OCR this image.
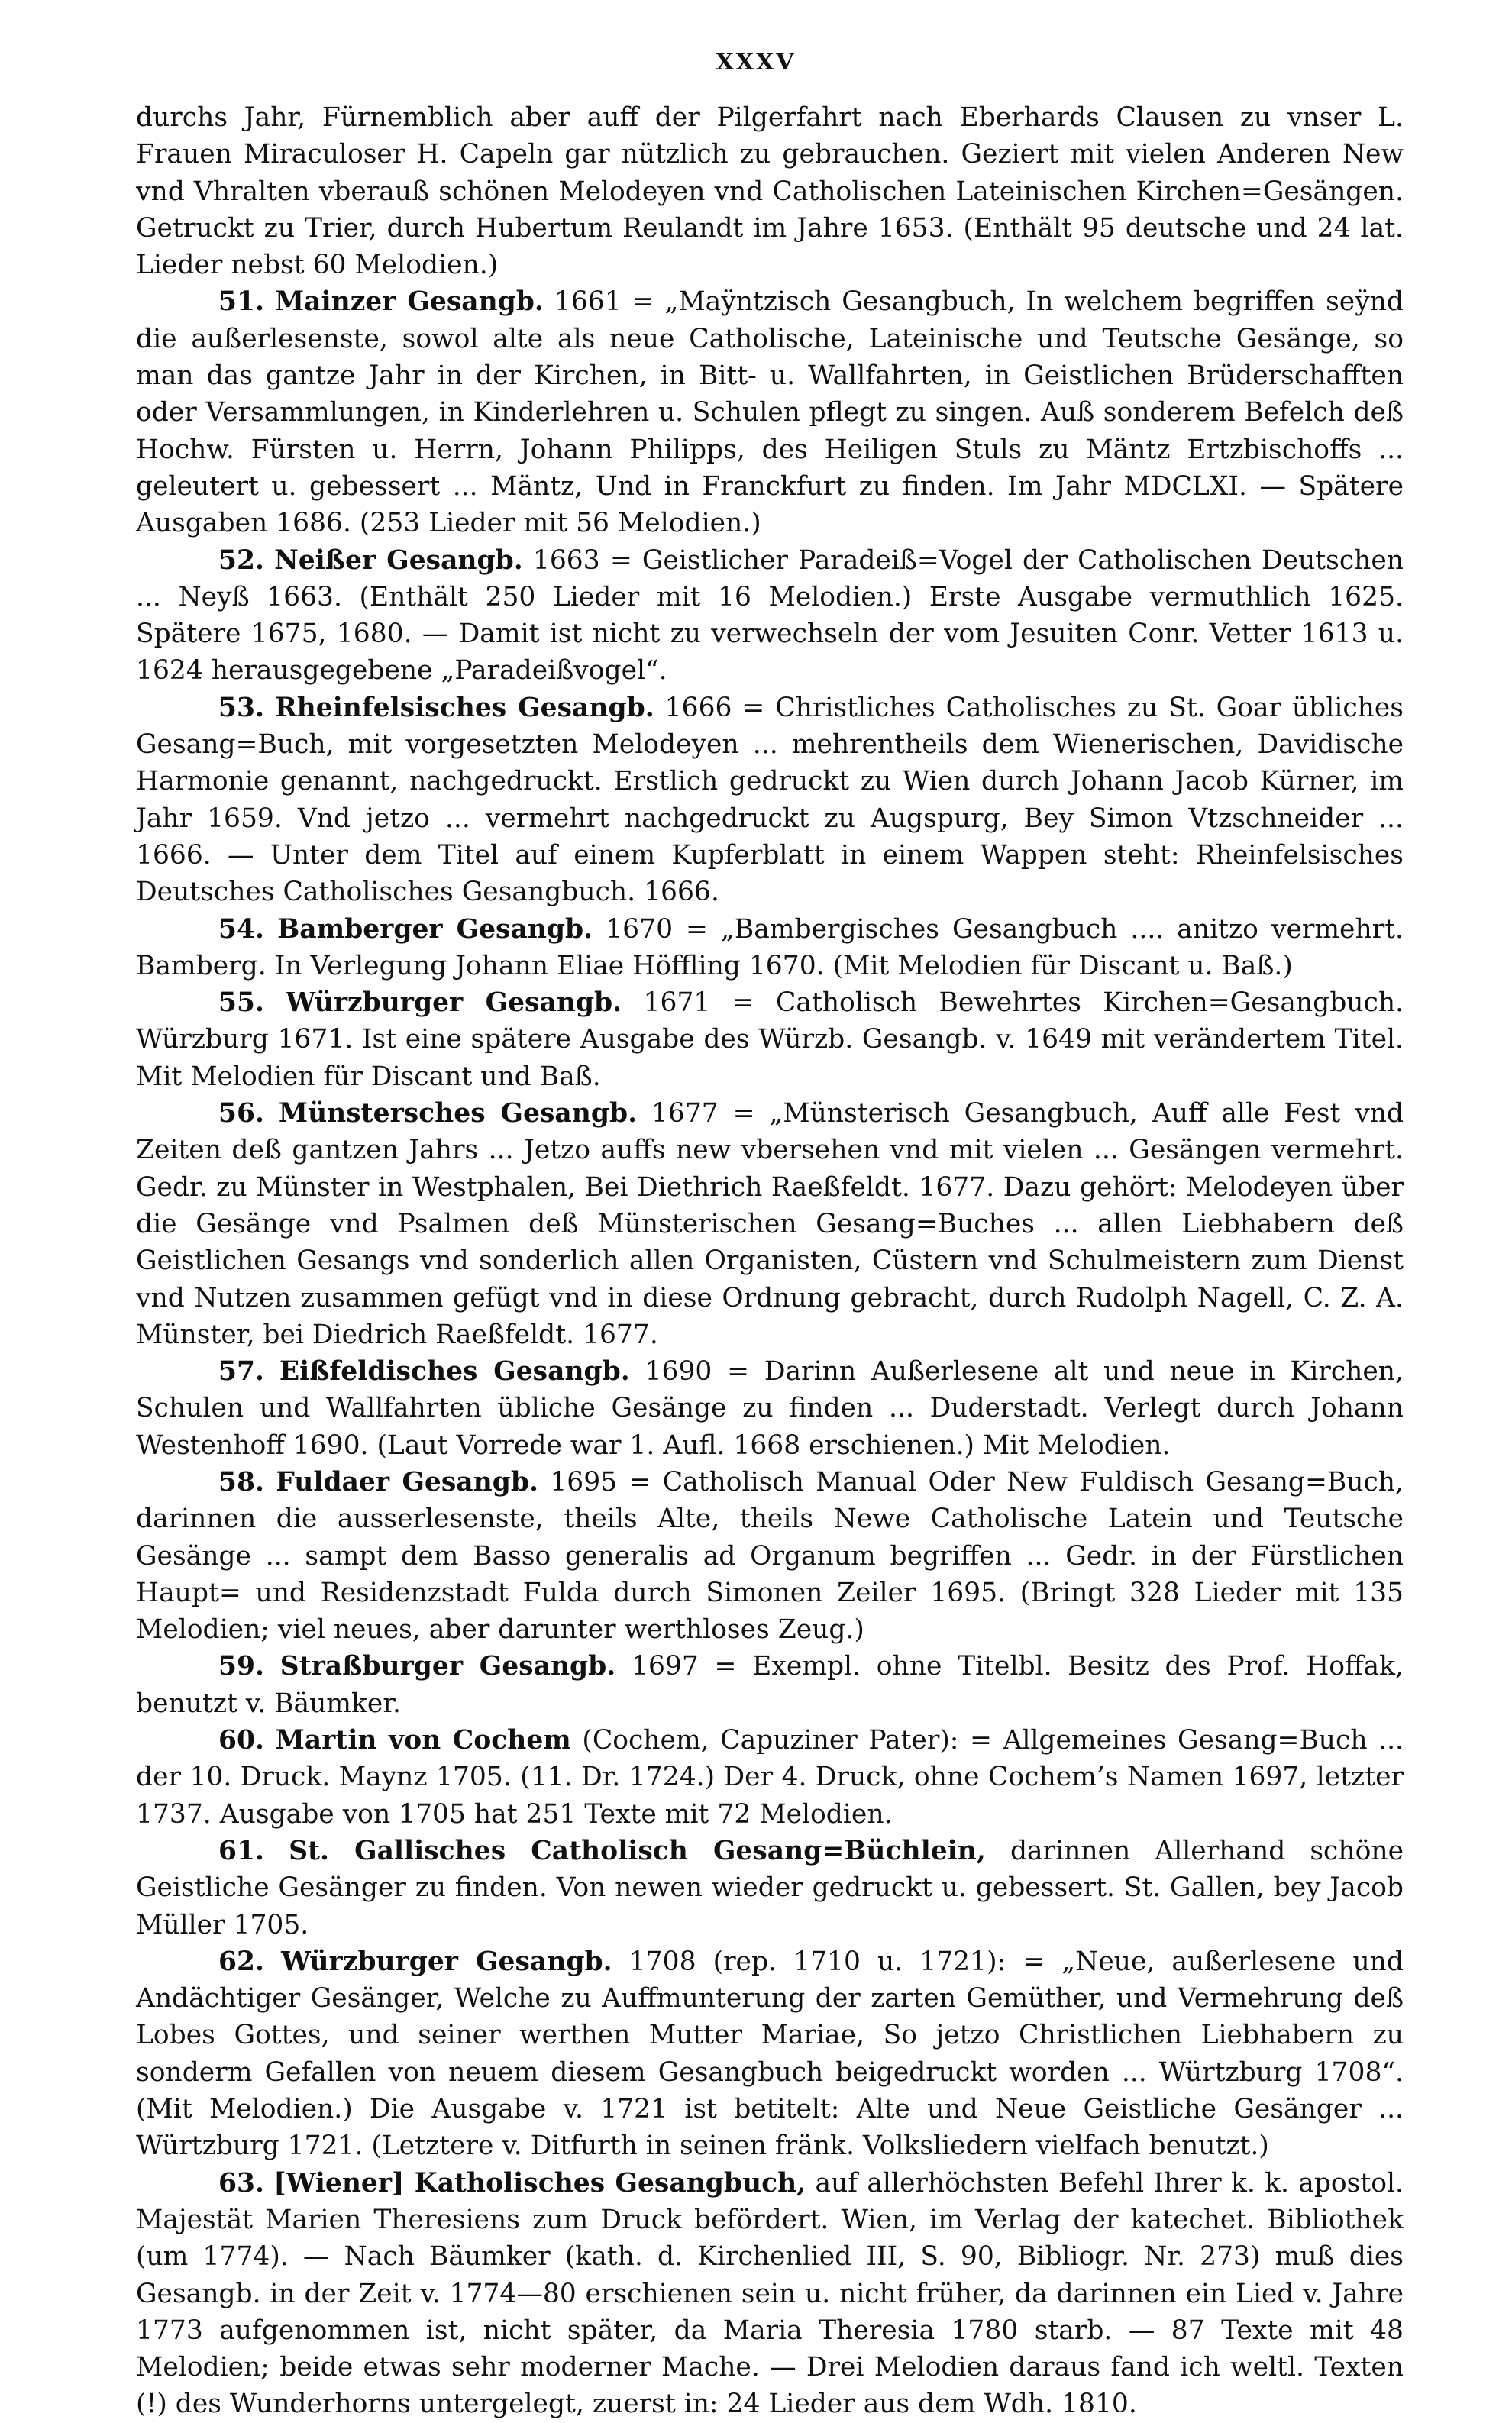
XXXV

durchs Jahr, Fürnemblich aber auff der Pilgerfahrt nach Eberhards Clausen zu vnser L. Frauen Miraculoser H. Capeln gar nützlich zu gebrauchen. Geziert mit vielen Anderen New vnd Vhralten vberauß schönen Melodeyen vnd Catholischen Lateinischen Kirchen=Gesängen. Getruckt zu Trier, durch Hubertum Reulandt im Jahre 1653. (Enthält 95 deutsche und 24 lat. Lieder nebst 60 Melodien.)

51. Mainzer Gesangb. 1661 = „Maÿntzisch Gesangbuch, In welchem begriffen seÿnd die außerlesenste, sowol alte als neue Catholische, Lateinische und Teutsche Gesänge, so man das gantze Jahr in der Kirchen, in Bitt- u. Wallfahrten, in Geistlichen Brüderschafften oder Versammlungen, in Kinderlehren u. Schulen pflegt zu singen. Auß sonderem Befelch deß Hochw. Fürsten u. Herrn, Johann Philipps, des Heiligen Stuls zu Mäntz Ertzbischoffs ... geleutert u. gebessert ... Mäntz, Und in Franckfurt zu finden. Im Jahr MDCLXI. — Spätere Ausgaben 1686. (253 Lieder mit 56 Melodien.)

52. Neißer Gesangb. 1663 = Geistlicher Paradeiß=Vogel der Catholischen Deutschen ... Neyß 1663. (Enthält 250 Lieder mit 16 Melodien.) Erste Ausgabe vermuthlich 1625. Spätere 1675, 1680. — Damit ist nicht zu verwechseln der vom Jesuiten Conr. Vetter 1613 u. 1624 herausgegebene „Paradeißvogel“.

53. Rheinfelsisches Gesangb. 1666 = Christliches Catholisches zu St. Goar übliches Gesang=Buch, mit vorgesetzten Melodeyen ... mehrentheils dem Wienerischen, Davidische Harmonie genannt, nachgedruckt. Erstlich gedruckt zu Wien durch Johann Jacob Kürner, im Jahr 1659. Vnd jetzo ... vermehrt nachgedruckt zu Augspurg, Bey Simon Vtzschneider ... 1666. — Unter dem Titel auf einem Kupferblatt in einem Wappen steht: Rheinfelsisches Deutsches Catholisches Gesangbuch. 1666.

54. Bamberger Gesangb. 1670 = „Bambergisches Gesangbuch .... anitzo vermehrt. Bamberg. In Verlegung Johann Eliae Höffling 1670. (Mit Melodien für Discant u. Baß.)

55. Würzburger Gesangb. 1671 = Catholisch Bewehrtes Kirchen=Gesangbuch. Würzburg 1671. Ist eine spätere Ausgabe des Würzb. Gesangb. v. 1649 mit verändertem Titel. Mit Melodien für Discant und Baß.

56. Münstersches Gesangb. 1677 = „Münsterisch Gesangbuch, Auff alle Fest vnd Zeiten deß gantzen Jahrs ... Jetzo auffs new vbersehen vnd mit vielen ... Gesängen vermehrt. Gedr. zu Münster in Westphalen, Bei Diethrich Raeßfeldt. 1677. Dazu gehört: Melodeyen über die Gesänge vnd Psalmen deß Münsterischen Gesang=Buches ... allen Liebhabern deß Geistlichen Gesangs vnd sonderlich allen Organisten, Cüstern vnd Schulmeistern zum Dienst vnd Nutzen zusammen gefügt vnd in diese Ordnung gebracht, durch Rudolph Nagell, C. Z. A. Münster, bei Diedrich Raeßfeldt. 1677.

57. Eißfeldisches Gesangb. 1690 = Darinn Außerlesene alt und neue in Kirchen, Schulen und Wallfahrten übliche Gesänge zu finden ... Duderstadt. Verlegt durch Johann Westenhoff 1690. (Laut Vorrede war 1. Aufl. 1668 erschienen.) Mit Melodien.

58. Fuldaer Gesangb. 1695 = Catholisch Manual Oder New Fuldisch Gesang=Buch, darinnen die ausserlesenste, theils Alte, theils Newe Catholische Latein und Teutsche Gesänge ... sampt dem Basso generalis ad Organum begriffen ... Gedr. in der Fürstlichen Haupt= und Residenzstadt Fulda durch Simonen Zeiler 1695. (Bringt 328 Lieder mit 135 Melodien; viel neues, aber darunter werthloses Zeug.)

59. Straßburger Gesangb. 1697 = Exempl. ohne Titelbl. Besitz des Prof. Hoffak, benutzt v. Bäumker.

60. Martin von Cochem (Cochem, Capuziner Pater): = Allgemeines Gesang=Buch ... der 10. Druck. Maynz 1705. (11. Dr. 1724.) Der 4. Druck, ohne Cochem’s Namen 1697, letzter 1737. Ausgabe von 1705 hat 251 Texte mit 72 Melodien.

61. St. Gallisches Catholisch Gesang=Büchlein, darinnen Allerhand schöne Geistliche Gesänger zu finden. Von newen wieder gedruckt u. gebessert. St. Gallen, bey Jacob Müller 1705.

62. Würzburger Gesangb. 1708 (rep. 1710 u. 1721): = „Neue, außerlesene und Andächtiger Gesänger, Welche zu Auffmunterung der zarten Gemüther, und Vermehrung deß Lobes Gottes, und seiner werthen Mutter Mariae, So jetzo Christlichen Liebhabern zu sonderm Gefallen von neuem diesem Gesangbuch beigedruckt worden ... Würtzburg 1708“. (Mit Melodien.) Die Ausgabe v. 1721 ist betitelt: Alte und Neue Geistliche Gesänger ... Würtzburg 1721. (Letztere v. Ditfurth in seinen fränk. Volksliedern vielfach benutzt.)

63. [Wiener] Katholisches Gesangbuch, auf allerhöchsten Befehl Ihrer k. k. apostol. Majestät Marien Theresiens zum Druck befördert. Wien, im Verlag der katechet. Bibliothek (um 1774). — Nach Bäumker (kath. d. Kirchenlied III, S. 90, Bibliogr. Nr. 273) muß dies Gesangb. in der Zeit v. 1774—80 erschienen sein u. nicht früher, da darinnen ein Lied v. Jahre 1773 aufgenommen ist, nicht später, da Maria Theresia 1780 starb. — 87 Texte mit 48 Melodien; beide etwas sehr moderner Mache. — Drei Melodien daraus fand ich weltl. Texten (!) des Wunderhorns untergelegt, zuerst in: 24 Lieder aus dem Wdh. 1810.
